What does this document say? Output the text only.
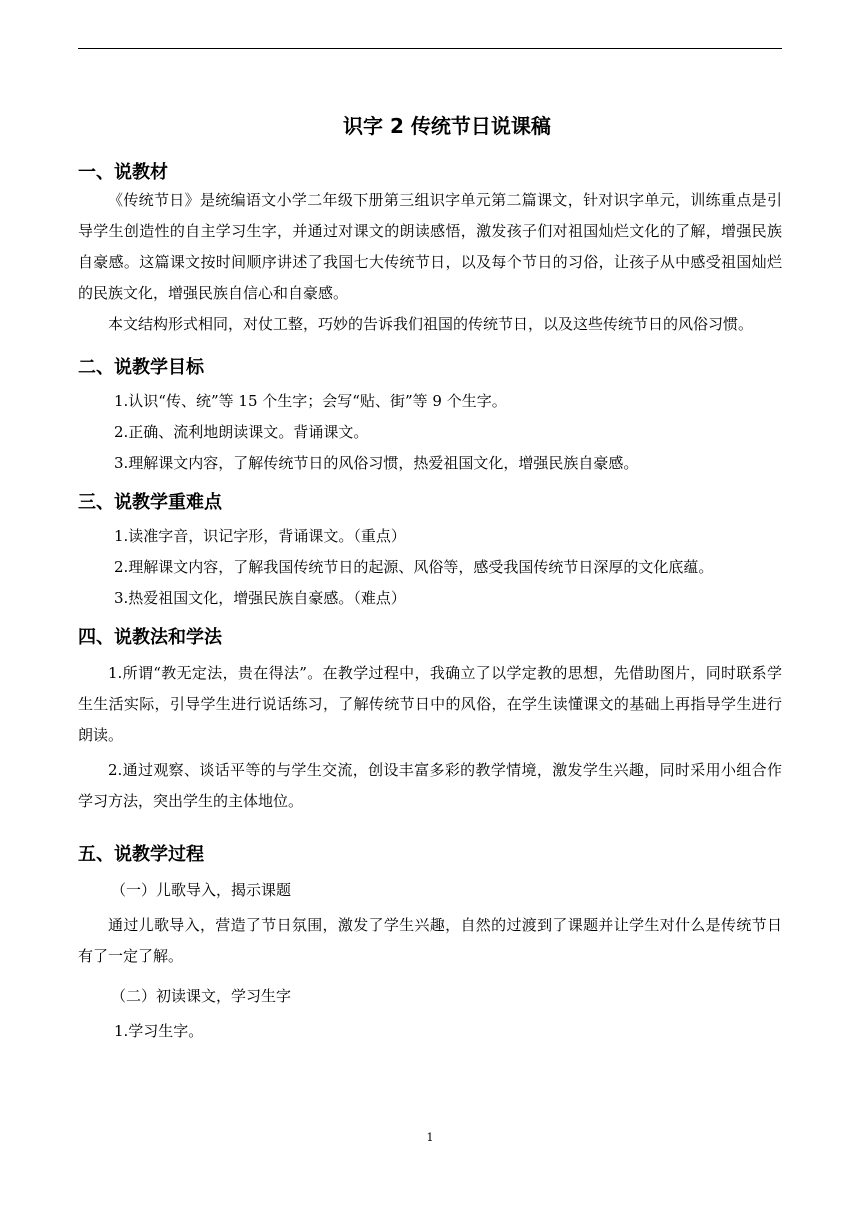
识字 2 传统节日说课稿
一、说教材

《传统节日》是统编语文小学二年级下册第三组识字单元第二篇课文，针对识字单元，训练重点是引导学生创造性的自主学习生字，并通过对课文的朗读感悟，激发孩子们对祖国灿烂文化的了解，增强民族自豪感。这篇课文按时间顺序讲述了我国七大传统节日，以及每个节日的习俗，让孩子从中感受祖国灿烂的民族文化，增强民族自信心和自豪感。

本文结构形式相同，对仗工整，巧妙的告诉我们祖国的传统节日，以及这些传统节日的风俗习惯。

二、说教学目标

1.认识“传、统”等 15 个生字；会写“贴、街”等 9 个生字。

2.正确、流利地朗读课文。背诵课文。

3.理解课文内容，了解传统节日的风俗习惯，热爱祖国文化，增强民族自豪感。

三、说教学重难点

1.读准字音，识记字形，背诵课文。（重点）

2.理解课文内容，了解我国传统节日的起源、风俗等，感受我国传统节日深厚的文化底蕴。

3.热爱祖国文化，增强民族自豪感。（难点）

四、说教法和学法

1.所谓“教无定法，贵在得法”。在教学过程中，我确立了以学定教的思想，先借助图片，同时联系学生生活实际，引导学生进行说话练习，了解传统节日中的风俗，在学生读懂课文的基础上再指导学生进行朗读。

2.通过观察、谈话平等的与学生交流，创设丰富多彩的教学情境，激发学生兴趣，同时采用小组合作学习方法，突出学生的主体地位。

五、说教学过程

（一）儿歌导入，揭示课题

通过儿歌导入，营造了节日氛围，激发了学生兴趣，自然的过渡到了课题并让学生对什么是传统节日有了一定了解。

（二）初读课文，学习生字

1.学习生字。

1
